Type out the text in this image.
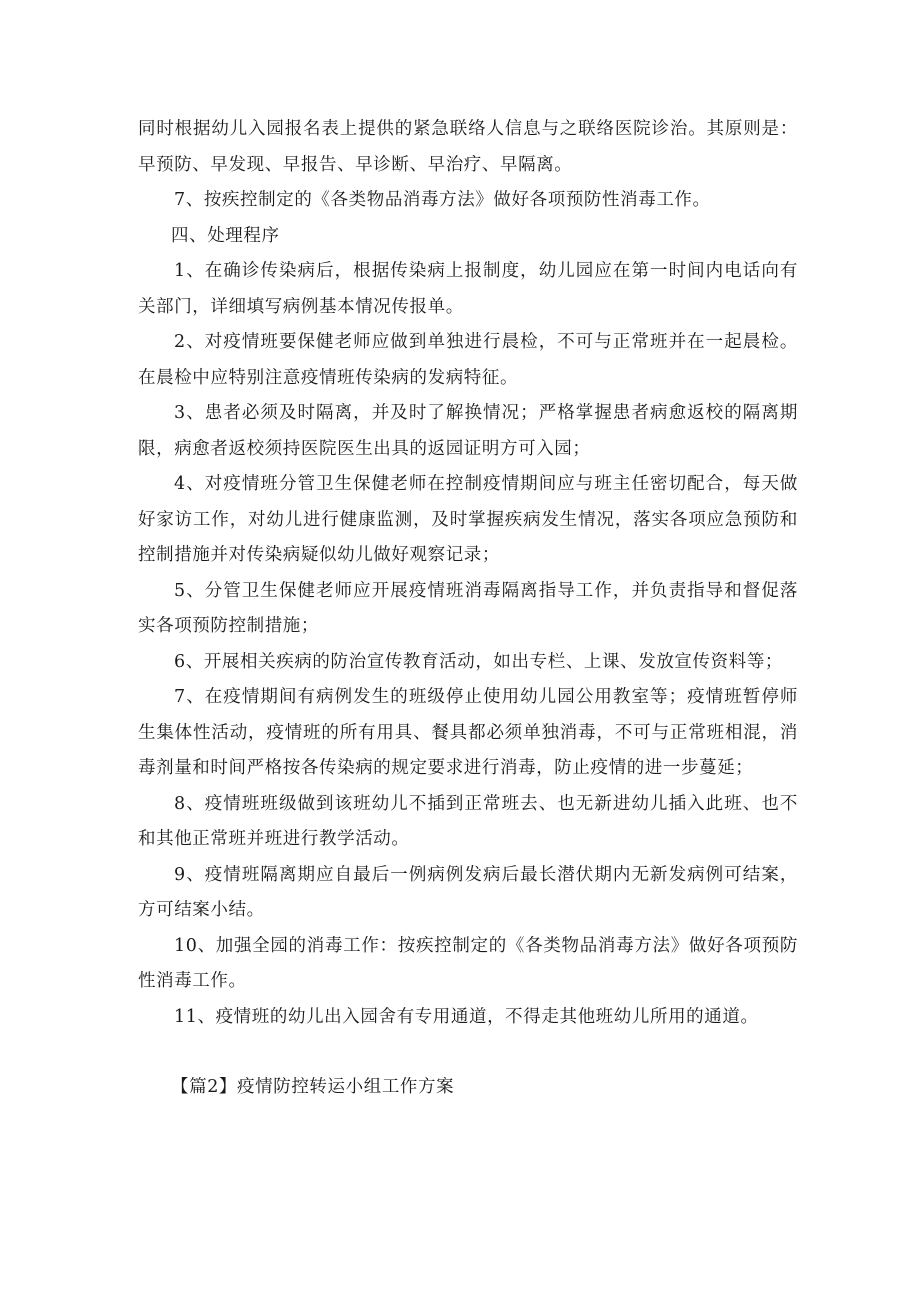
同时根据幼儿入园报名表上提供的紧急联络人信息与之联络医院诊治。其原则是：早预防、早发现、早报告、早诊断、早治疗、早隔离。

7、按疾控制定的《各类物品消毒方法》做好各项预防性消毒工作。

四、处理程序

1、在确诊传染病后，根据传染病上报制度，幼儿园应在第一时间内电话向有关部门，详细填写病例基本情况传报单。

2、对疫情班要保健老师应做到单独进行晨检，不可与正常班并在一起晨检。在晨检中应特别注意疫情班传染病的发病特征。

3、患者必须及时隔离，并及时了解换情况；严格掌握患者病愈返校的隔离期限，病愈者返校须持医院医生出具的返园证明方可入园；

4、对疫情班分管卫生保健老师在控制疫情期间应与班主任密切配合，每天做好家访工作，对幼儿进行健康监测，及时掌握疾病发生情况，落实各项应急预防和控制措施并对传染病疑似幼儿做好观察记录；

5、分管卫生保健老师应开展疫情班消毒隔离指导工作，并负责指导和督促落实各项预防控制措施；

6、开展相关疾病的防治宣传教育活动，如出专栏、上课、发放宣传资料等；

7、在疫情期间有病例发生的班级停止使用幼儿园公用教室等；疫情班暂停师生集体性活动，疫情班的所有用具、餐具都必须单独消毒，不可与正常班相混，消毒剂量和时间严格按各传染病的规定要求进行消毒，防止疫情的进一步蔓延；

8、疫情班班级做到该班幼儿不插到正常班去、也无新进幼儿插入此班、也不和其他正常班并班进行教学活动。

9、疫情班隔离期应自最后一例病例发病后最长潜伏期内无新发病例可结案，方可结案小结。

10、加强全园的消毒工作：按疾控制定的《各类物品消毒方法》做好各项预防性消毒工作。

11、疫情班的幼儿出入园舍有专用通道，不得走其他班幼儿所用的通道。

【篇2】疫情防控转运小组工作方案
